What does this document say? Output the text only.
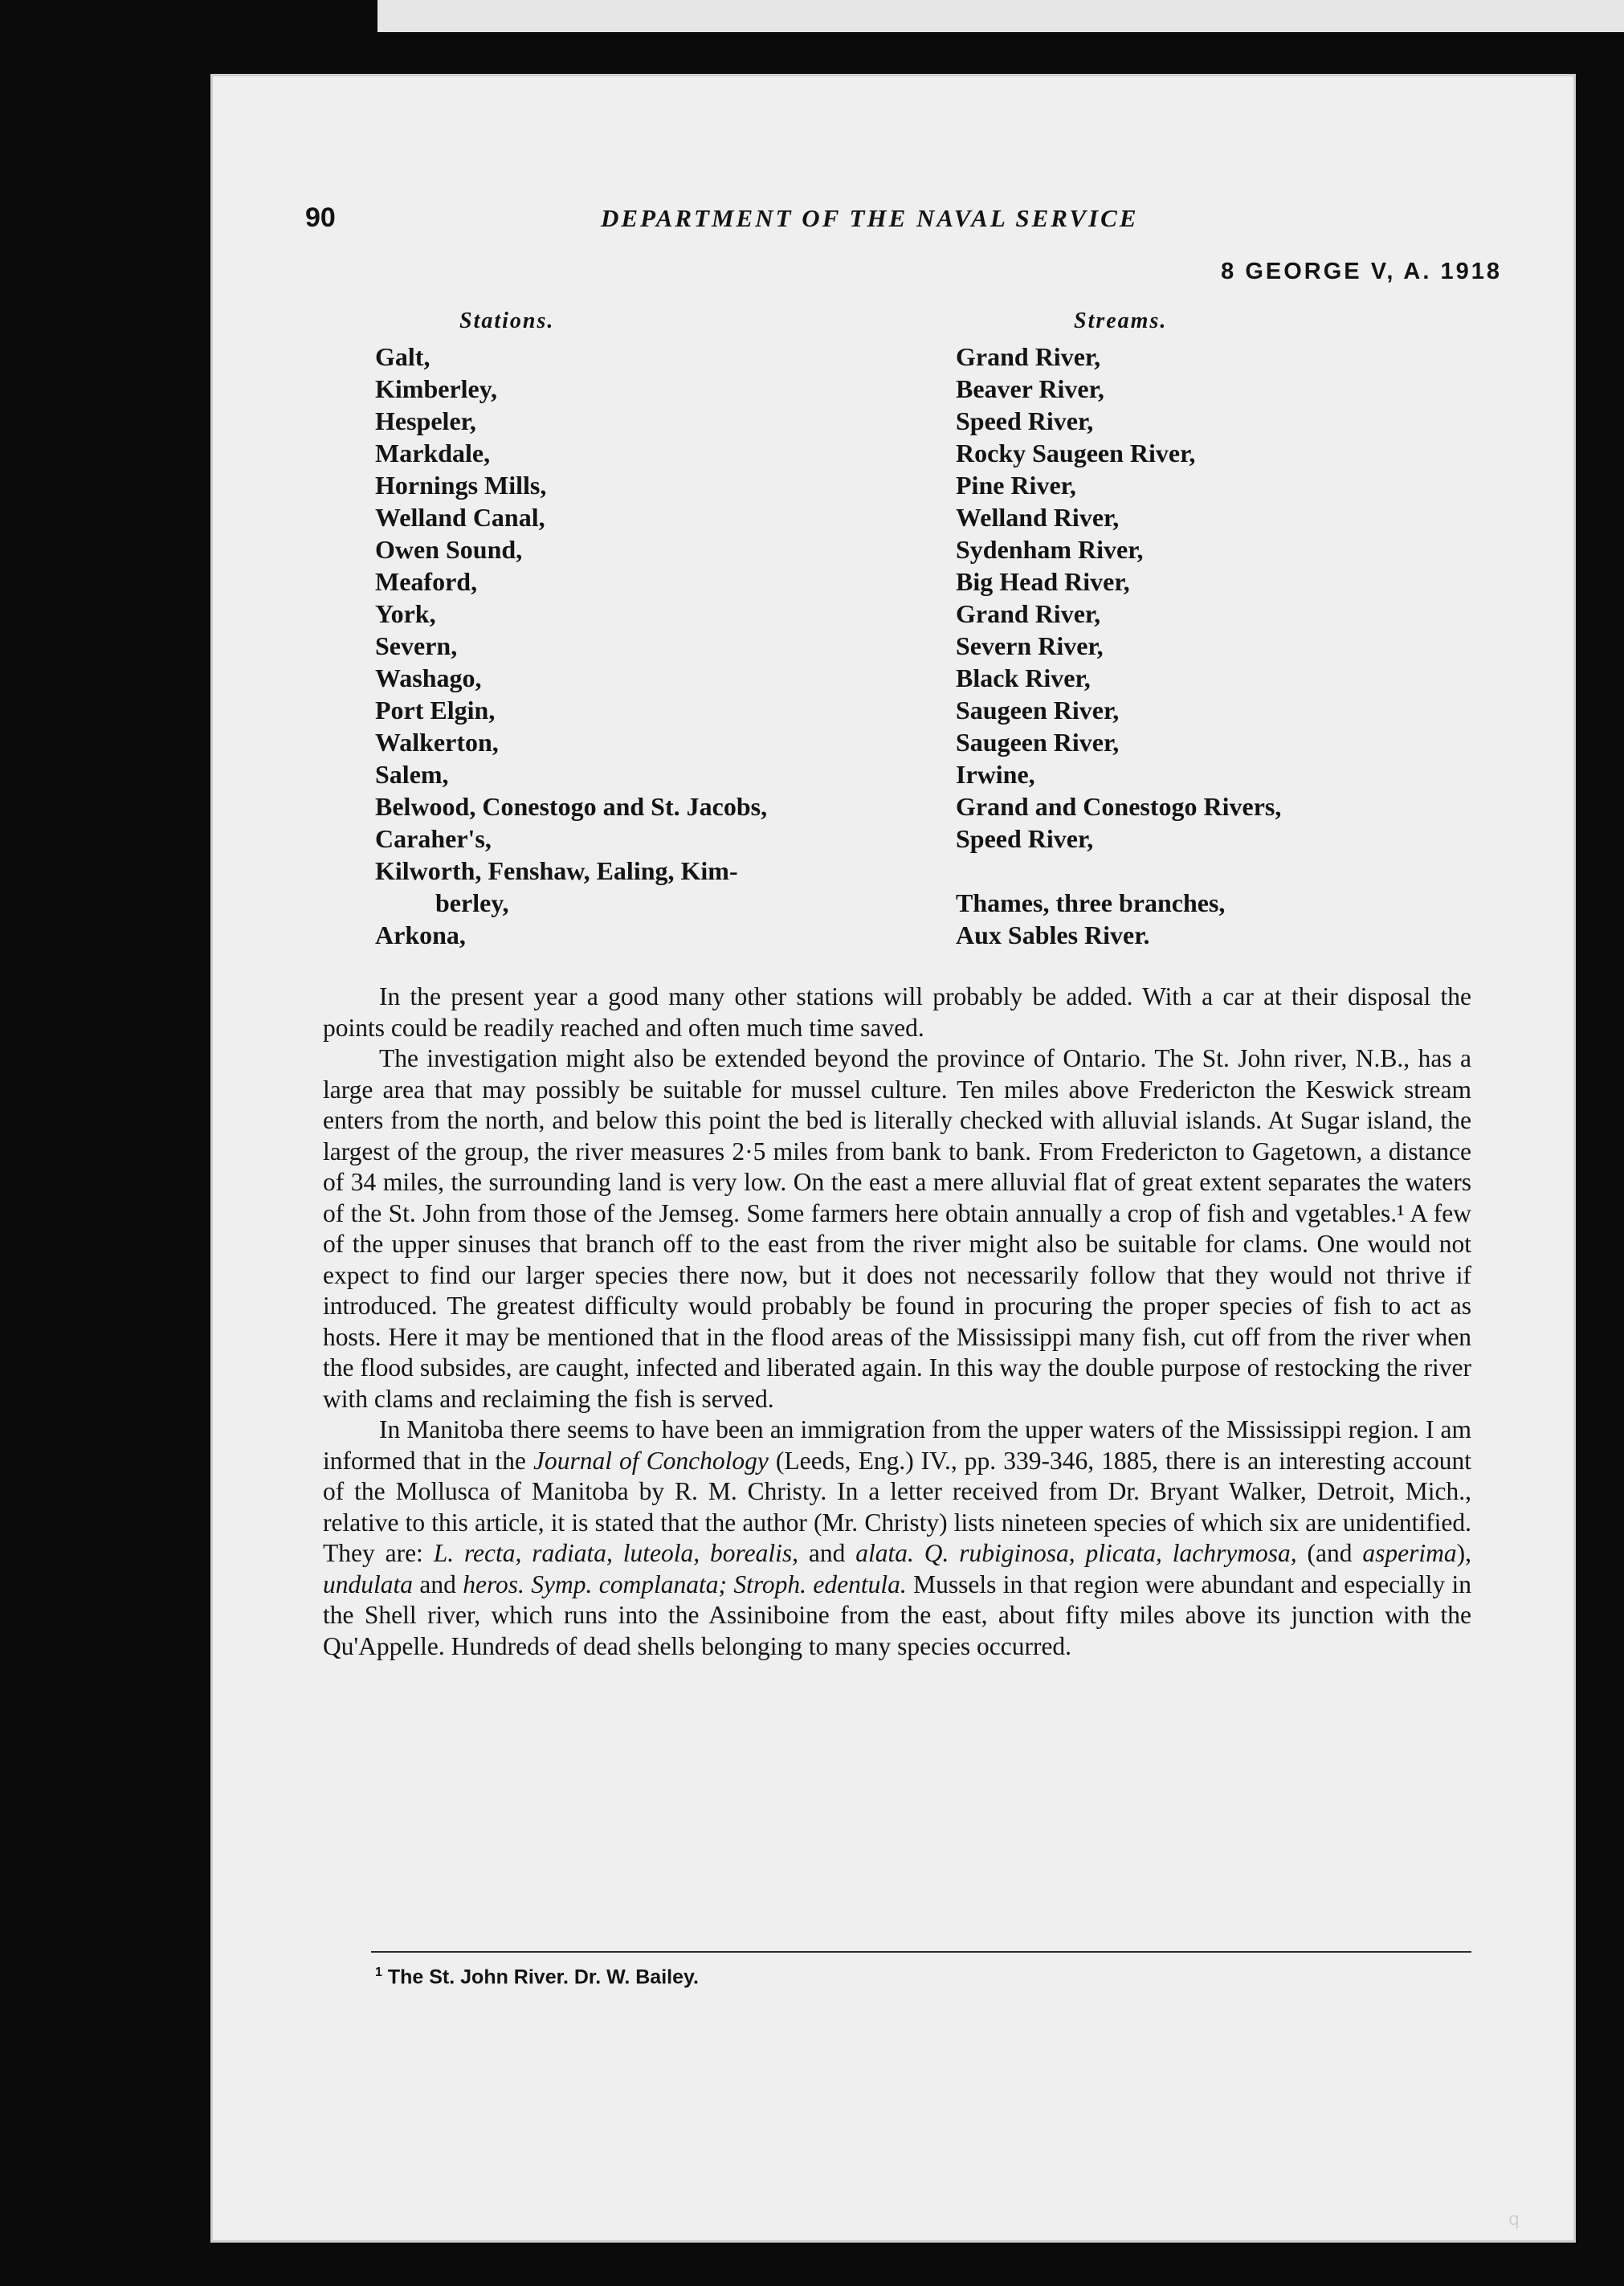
90	DEPARTMENT OF THE NAVAL SERVICE
8 GEORGE V, A. 1918
Stations.	Streams.
Galt,
Kimberley,
Hespeler,
Markdale,
Hornings Mills,
Welland Canal,
Owen Sound,
Meaford,
York,
Severn,
Washago,
Port Elgin,
Walkerton,
Salem,
Belwood, Conestogo and St. Jacobs,
Caraher's,
Kilworth, Fenshaw, Ealing, Kim-
berley,
Arkona,
Grand River,
Beaver River,
Speed River,
Rocky Saugeen River,
Pine River,
Welland River,
Sydenham River,
Big Head River,
Grand River,
Severn River,
Black River,
Saugeen River,
Saugeen River,
Irwine,
Grand and Conestogo Rivers,
Speed River,
Thames, three branches,
Aux Sables River.

In the present year a good many other stations will probably be added. With a car at their disposal the points could be readily reached and often much time saved.

The investigation might also be extended beyond the province of Ontario. The St. John river, N.B., has a large area that may possibly be suitable for mussel culture. Ten miles above Fredericton the Keswick stream enters from the north, and below this point the bed is literally checked with alluvial islands. At Sugar island, the largest of the group, the river measures 2·5 miles from bank to bank. From Fredericton to Gagetown, a distance of 34 miles, the surrounding land is very low. On the east a mere alluvial flat of great extent separates the waters of the St. John from those of the Jemseg. Some farmers here obtain annually a crop of fish and vgetables.¹ A few of the upper sinuses that branch off to the east from the river might also be suitable for clams. One would not expect to find our larger species there now, but it does not necessarily follow that they would not thrive if introduced. The greatest difficulty would probably be found in procuring the proper species of fish to act as hosts. Here it may be mentioned that in the flood areas of the Mississippi many fish, cut off from the river when the flood subsides, are caught, infected and liberated again. In this way the double purpose of restocking the river with clams and reclaiming the fish is served.

In Manitoba there seems to have been an immigration from the upper waters of the Mississippi region. I am informed that in the Journal of Conchology (Leeds, Eng.) IV., pp. 339-346, 1885, there is an interesting account of the Mollusca of Manitoba by R. M. Christy. In a letter received from Dr. Bryant Walker, Detroit, Mich., relative to this article, it is stated that the author (Mr. Christy) lists nineteen species of which six are unidentified. They are: L. recta, radiata, luteola, borealis, and alata. Q. rubiginosa, plicata, lachrymosa, (and asperima), undulata and heros. Symp. complanata; Stroph. edentula. Mussels in that region were abundant and especially in the Shell river, which runs into the Assiniboine from the east, about fifty miles above its junction with the Qu'Appelle. Hundreds of dead shells belonging to many species occurred.

$^1$ The St. John River. Dr. W. Bailey.
q
